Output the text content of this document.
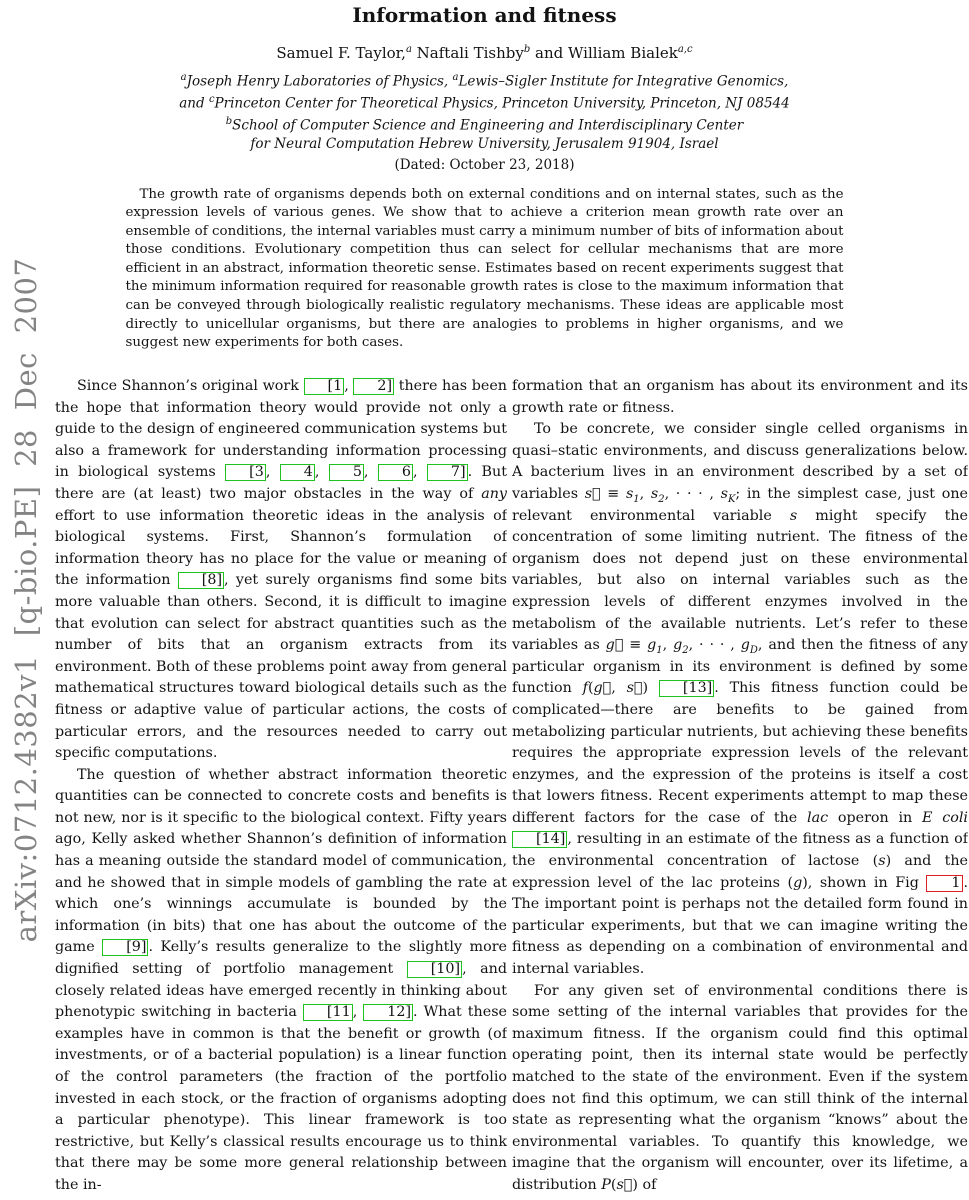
arXiv:0712.4382v1 [q-bio.PE] 28 Dec 2007
Information and fitness
Samuel F. Taylor,$^a$ Naftali Tishby$^b$ and William Bialek$^{a,c}$
$^a$Joseph Henry Laboratories of Physics, $^a$Lewis–Sigler Institute for Integrative Genomics,
and $^c$Princeton Center for Theoretical Physics, Princeton University, Princeton, NJ 08544
$^b$School of Computer Science and Engineering and Interdisciplinary Center
for Neural Computation Hebrew University, Jerusalem 91904, Israel
(Dated: October 23, 2018)
The growth rate of organisms depends both on external conditions and on internal states, such as the expression levels of various genes. We show that to achieve a criterion mean growth rate over an ensemble of conditions, the internal variables must carry a minimum number of bits of information about those conditions. Evolutionary competition thus can select for cellular mechanisms that are more efficient in an abstract, information theoretic sense. Estimates based on recent experiments suggest that the minimum information required for reasonable growth rates is close to the maximum information that can be conveyed through biologically realistic regulatory mechanisms. These ideas are applicable most directly to unicellular organisms, but there are analogies to problems in higher organisms, and we suggest new experiments for both cases.

Since Shannon’s original work [1 , 2] there has been the hope that information theory would provide not only a guide to the design of engineered communication systems but also a framework for understanding information processing in biological systems [3 , 4 , 5 , 6 , 7] . But there are (at least) two major obstacles in the way of any effort to use information theoretic ideas in the analysis of biological systems. First, Shannon’s formulation of information theory has no place for the value or meaning of the information [8] , yet surely organisms find some bits more valuable than others. Second, it is difficult to imagine that evolution can select for abstract quantities such as the number of bits that an organism extracts from its environment. Both of these problems point away from general mathematical structures toward biological details such as the fitness or adaptive value of particular actions, the costs of particular errors, and the resources needed to carry out specific computations.

The question of whether abstract information theoretic quantities can be connected to concrete costs and benefits is not new, nor is it specific to the biological context. Fifty years ago, Kelly asked whether Shannon’s definition of information has a meaning outside the standard model of communication, and he showed that in simple models of gambling the rate at which one’s winnings accumulate is bounded by the information (in bits) that one has about the outcome of the game [9] . Kelly’s results generalize to the slightly more dignified setting of portfolio management [10] , and closely related ideas have emerged recently in thinking about phenotypic switching in bacteria [11 , 12] . What these examples have in common is that the benefit or growth (of investments, or of a bacterial population) is a linear function of the control parameters (the fraction of the portfolio invested in each stock, or the fraction of organisms adopting a particular phenotype). This linear framework is too restrictive, but Kelly’s classical results encourage us to think that there may be some more general relationship between the in-

formation that an organism has about its environment and its growth rate or fitness.

To be concrete, we consider single celled organisms in quasi–static environments, and discuss generalizations below. A bacterium lives in an environment described by a set of variables s⃗ ≡ $s_1$, $s_2$, · · · , $s_K$; in the simplest case, just one relevant environmental variable s might specify the concentration of some limiting nutrient. The fitness of the organism does not depend just on these environmental variables, but also on internal variables such as the expression levels of different enzymes involved in the metabolism of the available nutrients. Let’s refer to these variables as g⃗ ≡ $g_1$, $g_2$, · · · , $g_D$, and then the fitness of any particular organism in its environment is defined by some function f(g⃗, s⃗) [13] . This fitness function could be complicated—there are benefits to be gained from metabolizing particular nutrients, but achieving these benefits requires the appropriate expression levels of the relevant enzymes, and the expression of the proteins is itself a cost that lowers fitness. Recent experiments attempt to map these different factors for the case of the lac operon in E coli [14] , resulting in an estimate of the fitness as a function of the environmental concentration of lactose (s) and the expression level of the lac proteins (g), shown in Fig 1 . The important point is perhaps not the detailed form found in particular experiments, but that we can imagine writing the fitness as depending on a combination of environmental and internal variables.

For any given set of environmental conditions there is some setting of the internal variables that provides for the maximum fitness. If the organism could find this optimal operating point, then its internal state would be perfectly matched to the state of the environment. Even if the system does not find this optimum, we can still think of the internal state as representing what the organism “knows” about the environmental variables. To quantify this knowledge, we imagine that the organism will encounter, over its lifetime, a distribution P(s⃗) of
